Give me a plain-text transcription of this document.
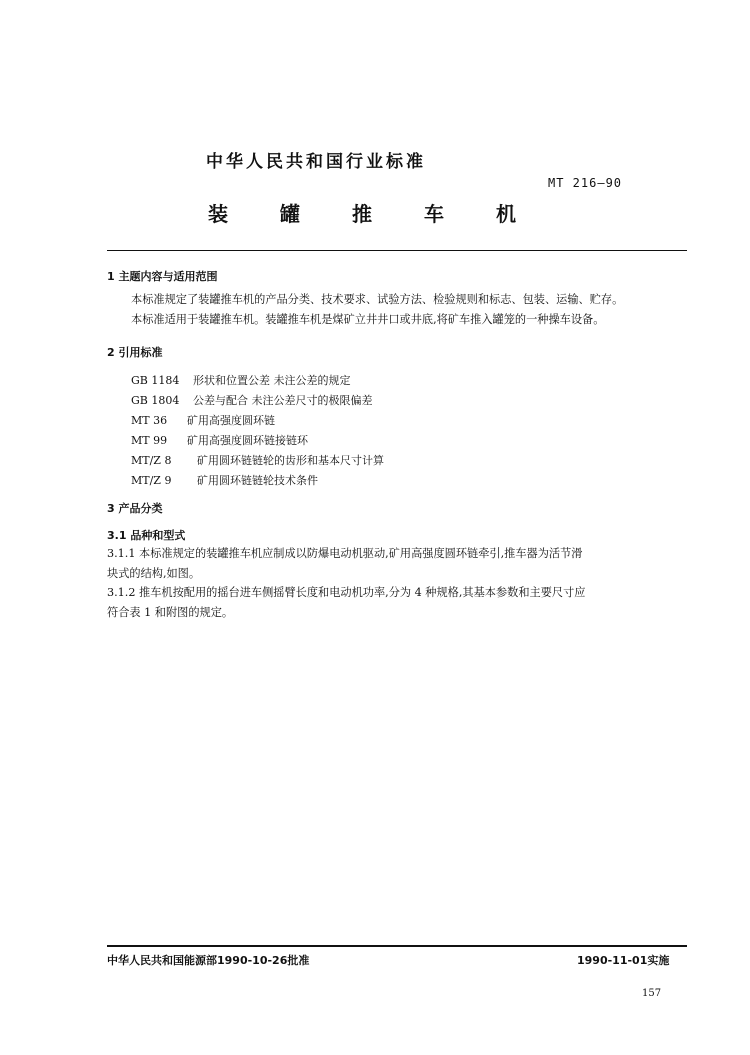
中华人民共和国行业标准
MT 216—90
装	罐	推	车	机
1 主题内容与适用范围
本标准规定了装罐推车机的产品分类、技术要求、试验方法、检验规则和标志、包装、运输、贮存。
本标准适用于装罐推车机。装罐推车机是煤矿立井井口或井底,将矿车推入罐笼的一种操车设备。
2 引用标准
GB 1184 形状和位置公差 未注公差的规定
GB 1804 公差与配合 未注公差尺寸的极限偏差
MT 36 矿用高强度圆环链
MT 99 矿用高强度圆环链接链环
MT/Z 8 矿用圆环链链轮的齿形和基本尺寸计算
MT/Z 9 矿用圆环链链轮技术条件
3 产品分类
3.1 品种和型式
3.1.1 本标准规定的装罐推车机应制成以防爆电动机驱动,矿用高强度圆环链牵引,推车器为活节滑
块式的结构,如图。
3.1.2 推车机按配用的摇台进车侧摇臂长度和电动机功率,分为 4 种规格,其基本参数和主要尺寸应
符合表 1 和附图的规定。
中华人民共和国能源部1990-10-26批准	1990-11-01实施
157
